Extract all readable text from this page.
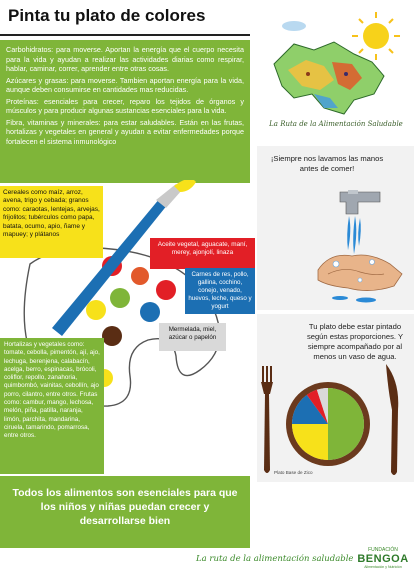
Pinta tu plato de colores

Carbohidratos: para moverse. Aportan la energía que el cuerpo necesita para la vida y ayudan a realizar las actividades diarias como respirar, hablar, caminar, correr, aprender entre otras cosas.

Azúcares y grasas: para moverse. Tambien aportan energía para la vida, aunque deben consumirse en cantidades mas reducidas.

Proteínas: esenciales para crecer, reparo los tejidos de órganos y músculos y para producir algunas sustancias esenciales para la vida.

Fibra, vitaminas y minerales: para estar saludables. Están en las frutas, hortalizas y vegetales en general y ayudan a evitar enfermedades porque fortalecen el sistema inmunológico

La Ruta de la Alimentación Saludable
¡Siempre nos lavamos las manos antes de comer!
Tu plato debe estar pintado según estas proporciones. Y siempre acompañado por al menos un vaso de agua.
Plato Base de Zico
Cereales como maíz, arroz, avena, trigo y cebada; granos como: caraotas, lentejas, arvejas, frijolitos; tubérculos como papa, batata, ocumo, apio, ñame y mapuey; y plátanos
Aceite vegetal, aguacate, maní, merey, ajonjolí, linaza
Carnes de res, pollo, gallina, cochino, conejo, venado, huevos, leche, queso y yogurt
Mermelada, miel, azúcar o papelón
Hortalizas y vegetales como: tomate, cebolla, pimentón, ají, ajo, lechuga, berenjena, calabacín, acelga, berro, espinacas, brócoli, coliflor, repollo, zanahoria, quimbombó, vainitas, cebollín, ajo porro, cilantro, entre otros. Frutas como: cambur, mango, lechosa, melón, piña, patilla, naranja, limón, parchita, mandarina, ciruela, tamarindo, pomarrosa, entre otros.
Todos los alimentos son esenciales para que los niños y niñas puedan crecer y desarrollarse bien
La ruta de la alimentación saludable
FUNDACIÓN
BENGOA
Alimentación y Nutrición
